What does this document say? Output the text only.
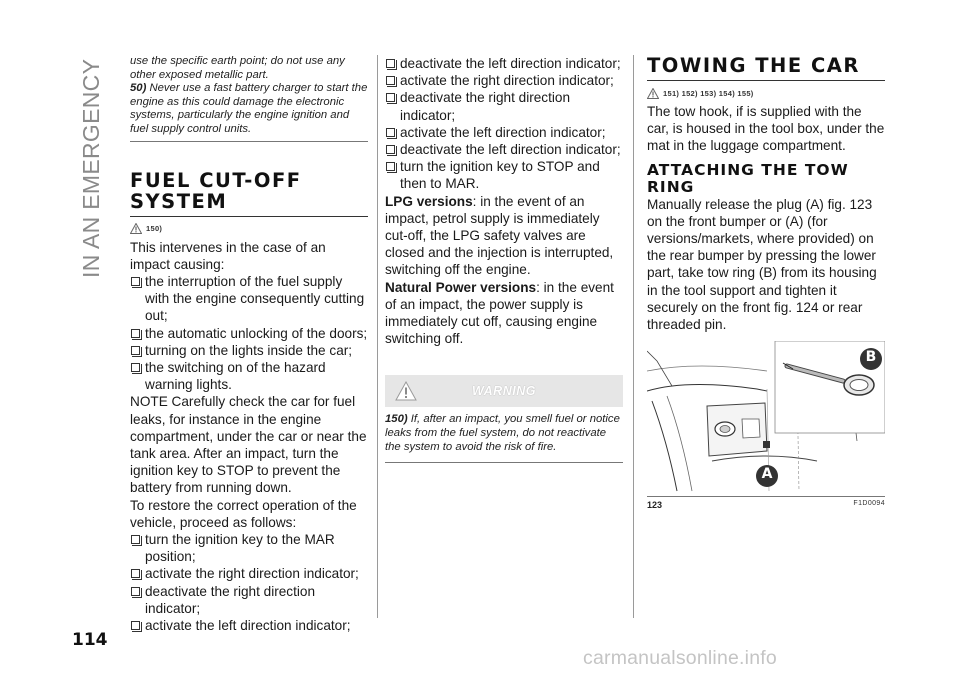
IN AN EMERGENCY
114

use the specific earth point; do not use any other exposed metallic part.

50) Never use a fast battery charger to start the engine as this could damage the electronic systems, particularly the engine ignition and fuel supply control units.

FUEL CUT-OFF
SYSTEM
150)

This intervenes in the case of an impact causing:

the interruption of the fuel supply with the engine consequently cutting out;
the automatic unlocking of the doors;
turning on the lights inside the car;
the switching on of the hazard warning lights.

NOTE Carefully check the car for fuel leaks, for instance in the engine compartment, under the car or near the tank area. After an impact, turn the ignition key to STOP to prevent the battery from running down.

To restore the correct operation of the vehicle, proceed as follows:

turn the ignition key to the MAR position;
activate the right direction indicator;
deactivate the right direction indicator;
activate the left direction indicator;
deactivate the left direction indicator;
activate the right direction indicator;
deactivate the right direction indicator;
activate the left direction indicator;
deactivate the left direction indicator;
turn the ignition key to STOP and then to MAR.

LPG versions: in the event of an impact, petrol supply is immediately cut-off, the LPG safety valves are closed and the injection is interrupted, switching off the engine.

Natural Power versions: in the event of an impact, the power supply is immediately cut off, causing engine switching off.

WARNING

150) If, after an impact, you smell fuel or notice leaks from the fuel system, do not reactivate the system to avoid the risk of fire.

TOWING THE CAR
151) 152) 153) 154) 155)

The tow hook, if is supplied with the car, is housed in the tool box, under the mat in the luggage compartment.

ATTACHING THE TOW
RING

Manually release the plug (A) fig. 123 on the front bumper or (A) (for versions/markets, where provided) on the rear bumper by pressing the lower part, take tow ring (B) from its housing in the tool support and tighten it securely on the front fig. 124 or rear threaded pin.

B
A
123	F1D0094
carmanualsonline.info
